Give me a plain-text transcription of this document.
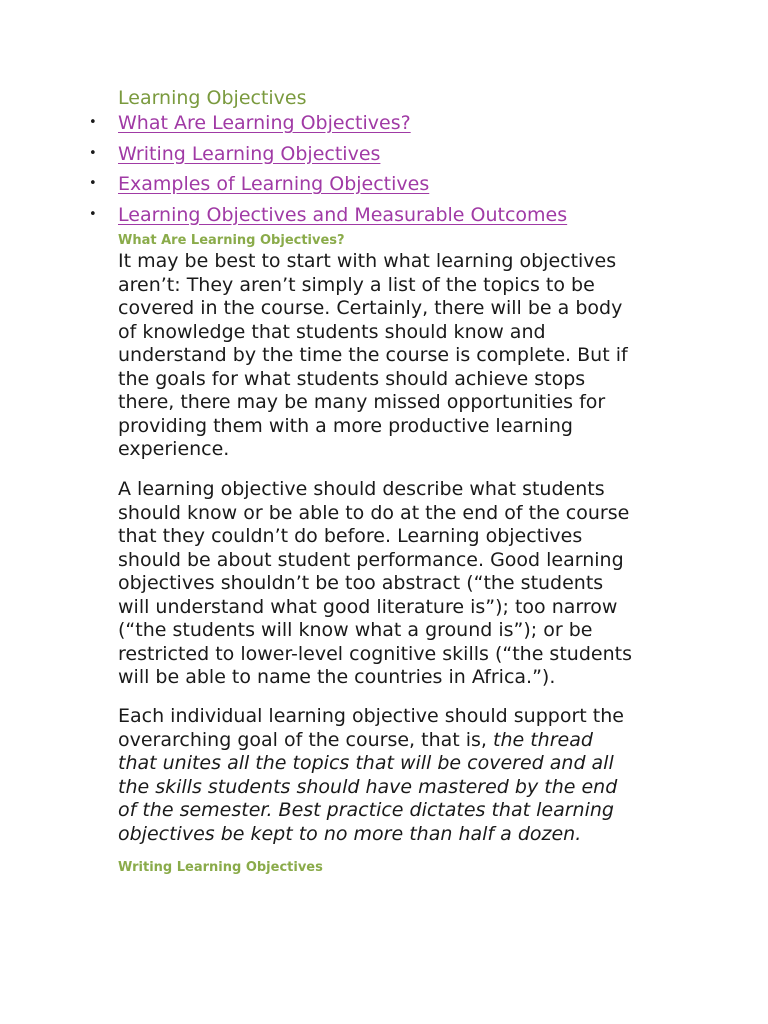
Learning Objectives
• What Are Learning Objectives?
• Writing Learning Objectives
• Examples of Learning Objectives
• Learning Objectives and Measurable Outcomes
What Are Learning Objectives?

It may be best to start with what learning objectives
aren’t: They aren’t simply a list of the topics to be
covered in the course. Certainly, there will be a body
of knowledge that students should know and
understand by the time the course is complete. But if
the goals for what students should achieve stops
there, there may be many missed opportunities for
providing them with a more productive learning
experience.

A learning objective should describe what students
should know or be able to do at the end of the course
that they couldn’t do before. Learning objectives
should be about student performance. Good learning
objectives shouldn’t be too abstract (“the students
will understand what good literature is”); too narrow
(“the students will know what a ground is”); or be
restricted to lower-level cognitive skills (“the students
will be able to name the countries in Africa.”).

Each individual learning objective should support the
overarching goal of the course, that is, the thread
that unites all the topics that will be covered and all
the skills students should have mastered by the end
of the semester. Best practice dictates that learning
objectives be kept to no more than half a dozen.

Writing Learning Objectives
